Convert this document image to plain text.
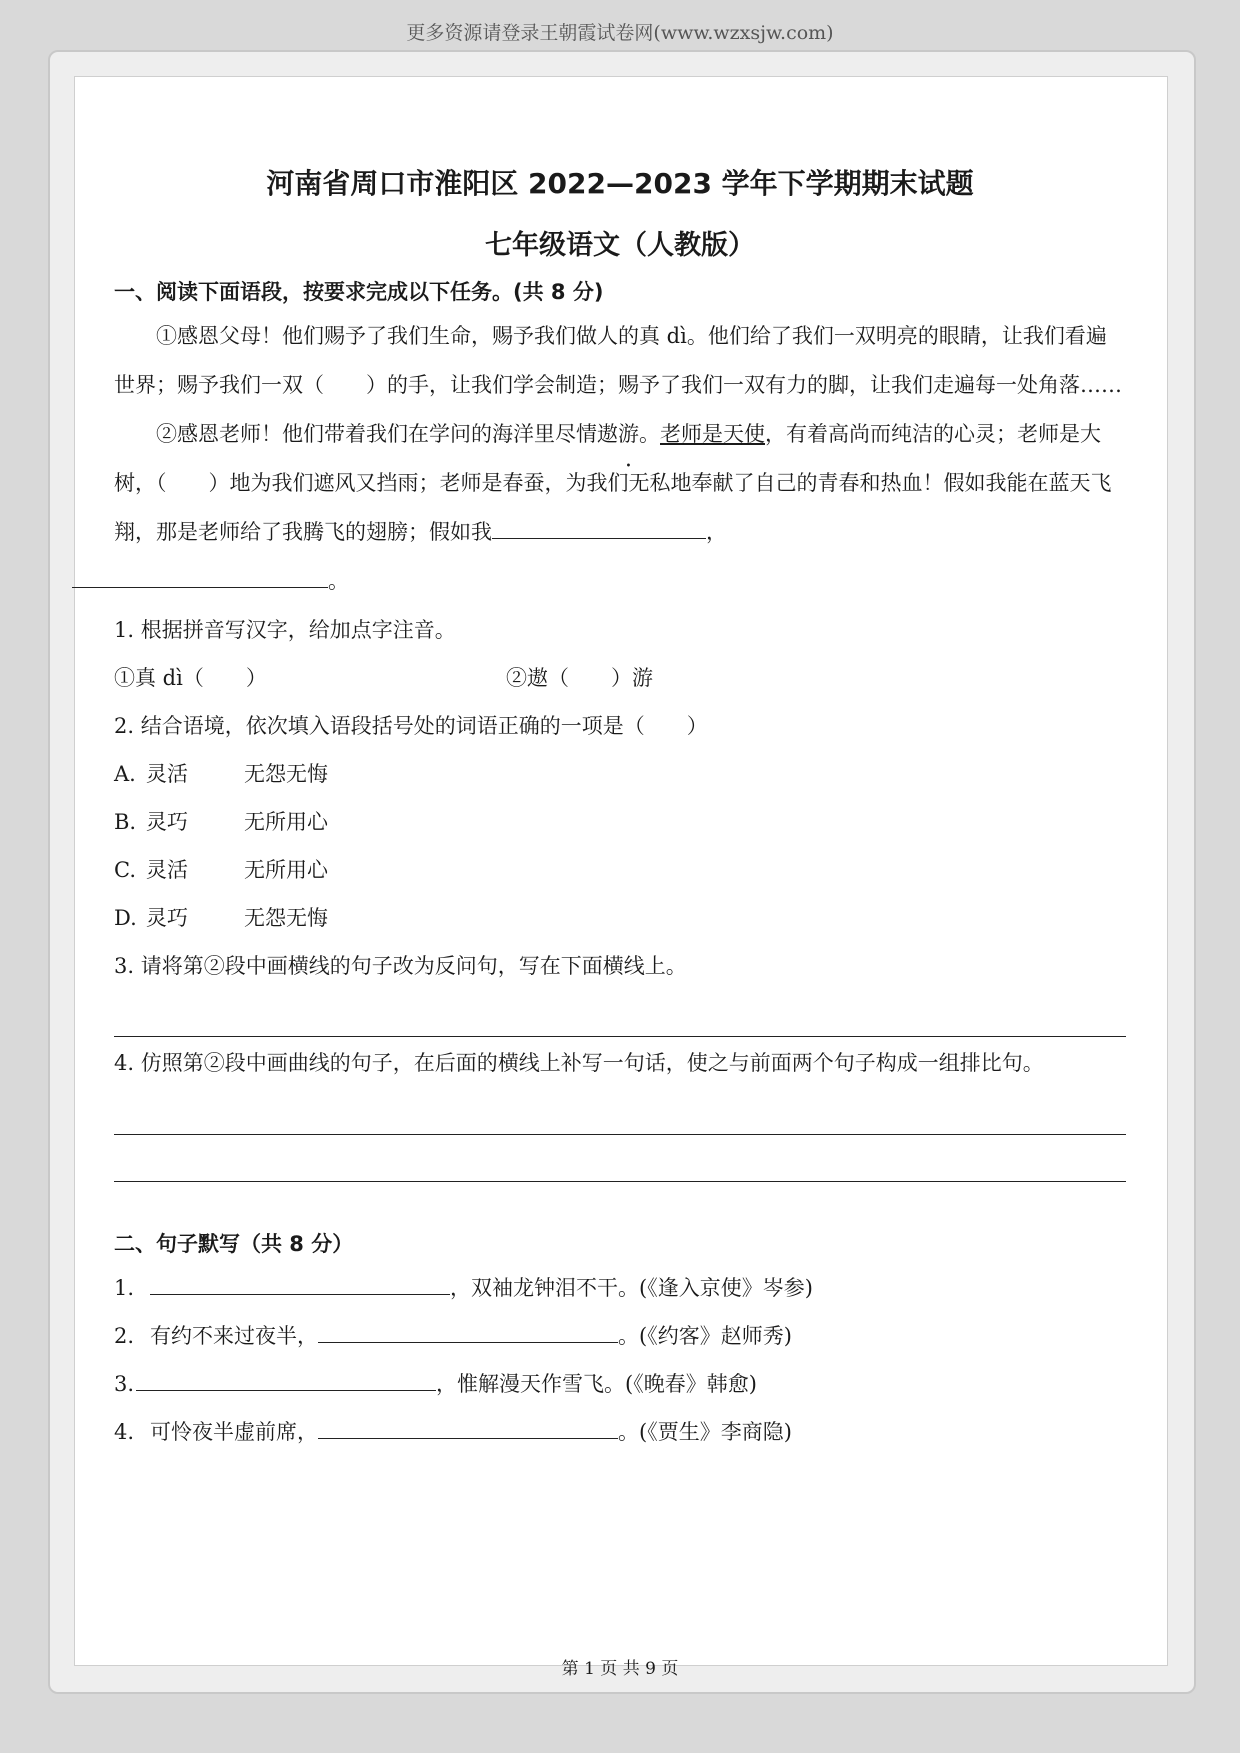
更多资源请登录王朝霞试卷网(www.wzxsjw.com)
河南省周口市淮阳区 2022—2023 学年下学期期末试题
七年级语文（人教版）

一、阅读下面语段，按要求完成以下任务。(共 8 分)

①感恩父母！他们赐予了我们生命，赐予我们做人的真 dì。他们给了我们一双明亮的眼睛，让我们看遍世界；赐予我们一双（　　）的手，让我们学会制造；赐予了我们一双有力的脚，让我们走遍每一处角落……

②感恩老师！他们带着我们在学问的海洋里尽情遨游。老师是天使，有着高尚而纯洁的心灵；老师是大树，（　　）地为我们遮风又挡雨；老师是春蚕，为我们无私地奉献了自己的青春和热血！假如我能在蓝天飞翔，那是老师给了我腾飞的翅膀；假如我	，
。

1. 根据拼音写汉字，给加点字注音。

①真 dì（　　）	②遨（　　）游

2. 结合语境，依次填入语段括号处的词语正确的一项是（　　）

A. 灵活	无怨无悔

B. 灵巧	无所用心

C. 灵活	无所用心

D. 灵巧	无怨无悔

3. 请将第②段中画横线的句子改为反问句，写在下面横线上。

4. 仿照第②段中画曲线的句子，在后面的横线上补写一句话，使之与前面两个句子构成一组排比句。

二、句子默写（共 8 分）

1.	，双袖龙钟泪不干。(《逢入京使》岑参)

2. 有约不来过夜半，	。(《约客》赵师秀)

3.	，惟解漫天作雪飞。(《晚春》韩愈)

4. 可怜夜半虚前席，	。(《贾生》李商隐)

第 1 页 共 9 页
